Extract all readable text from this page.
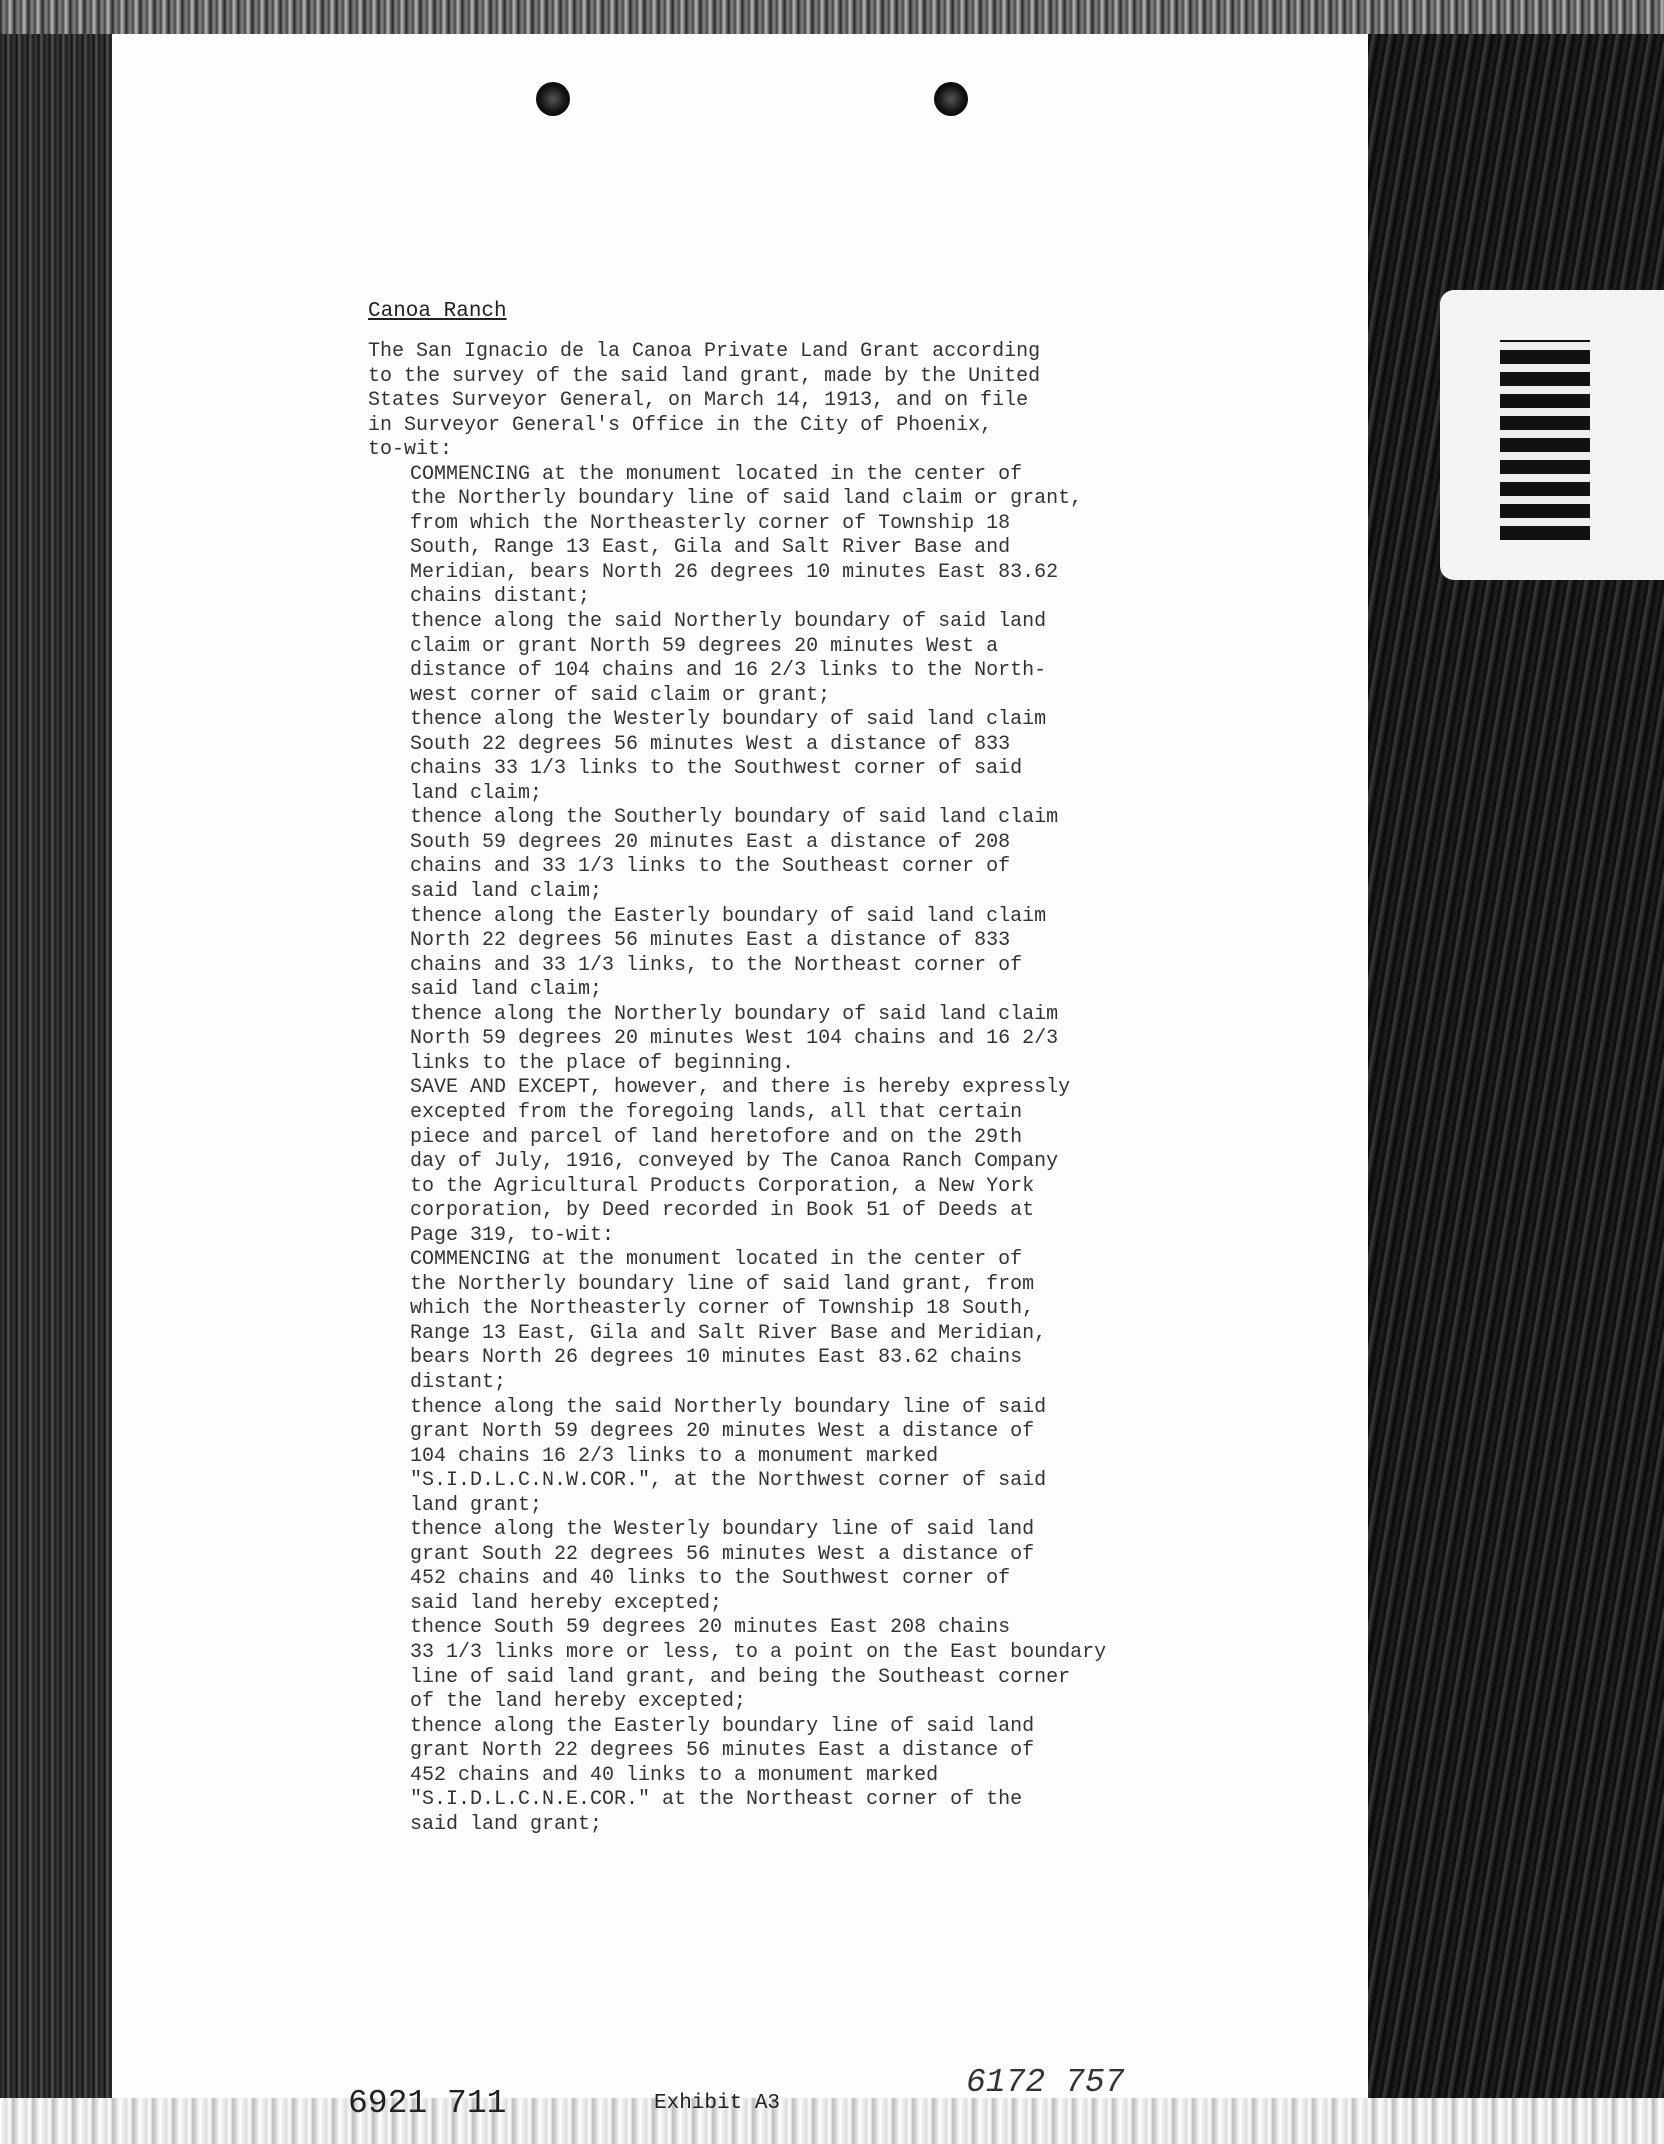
Canoa Ranch
The San Ignacio de la Canoa Private Land Grant according
to the survey of the said land grant, made by the United
States Surveyor General, on March 14, 1913, and on file
in Surveyor General's Office in the City of Phoenix,
to-wit:
COMMENCING at the monument located in the center of
the Northerly boundary line of said land claim or grant,
from which the Northeasterly corner of Township 18
South, Range 13 East, Gila and Salt River Base and
Meridian, bears North 26 degrees 10 minutes East 83.62
chains distant;
thence along the said Northerly boundary of said land
claim or grant North 59 degrees 20 minutes West a
distance of 104 chains and 16 2/3 links to the North-
west corner of said claim or grant;
thence along the Westerly boundary of said land claim
South 22 degrees 56 minutes West a distance of 833
chains 33 1/3 links to the Southwest corner of said
land claim;
thence along the Southerly boundary of said land claim
South 59 degrees 20 minutes East a distance of 208
chains and 33 1/3 links to the Southeast corner of
said land claim;
thence along the Easterly boundary of said land claim
North 22 degrees 56 minutes East a distance of 833
chains and 33 1/3 links, to the Northeast corner of
said land claim;
thence along the Northerly boundary of said land claim
North 59 degrees 20 minutes West 104 chains and 16 2/3
links to the place of beginning.
SAVE AND EXCEPT, however, and there is hereby expressly
excepted from the foregoing lands, all that certain
piece and parcel of land heretofore and on the 29th
day of July, 1916, conveyed by The Canoa Ranch Company
to the Agricultural Products Corporation, a New York
corporation, by Deed recorded in Book 51 of Deeds at
Page 319, to-wit:
COMMENCING at the monument located in the center of
the Northerly boundary line of said land grant, from
which the Northeasterly corner of Township 18 South,
Range 13 East, Gila and Salt River Base and Meridian,
bears North 26 degrees 10 minutes East 83.62 chains
distant;
thence along the said Northerly boundary line of said
grant North 59 degrees 20 minutes West a distance of
104 chains 16 2/3 links to a monument marked
"S.I.D.L.C.N.W.COR.", at the Northwest corner of said
land grant;
thence along the Westerly boundary line of said land
grant South 22 degrees 56 minutes West a distance of
452 chains and 40 links to the Southwest corner of
said land hereby excepted;
thence South 59 degrees 20 minutes East 208 chains
33 1/3 links more or less, to a point on the East boundary
line of said land grant, and being the Southeast corner
of the land hereby excepted;
thence along the Easterly boundary line of said land
grant North 22 degrees 56 minutes East a distance of
452 chains and 40 links to a monument marked
"S.I.D.L.C.N.E.COR." at the Northeast corner of the
said land grant;
6921 711	Exhibit A3
6172 757
